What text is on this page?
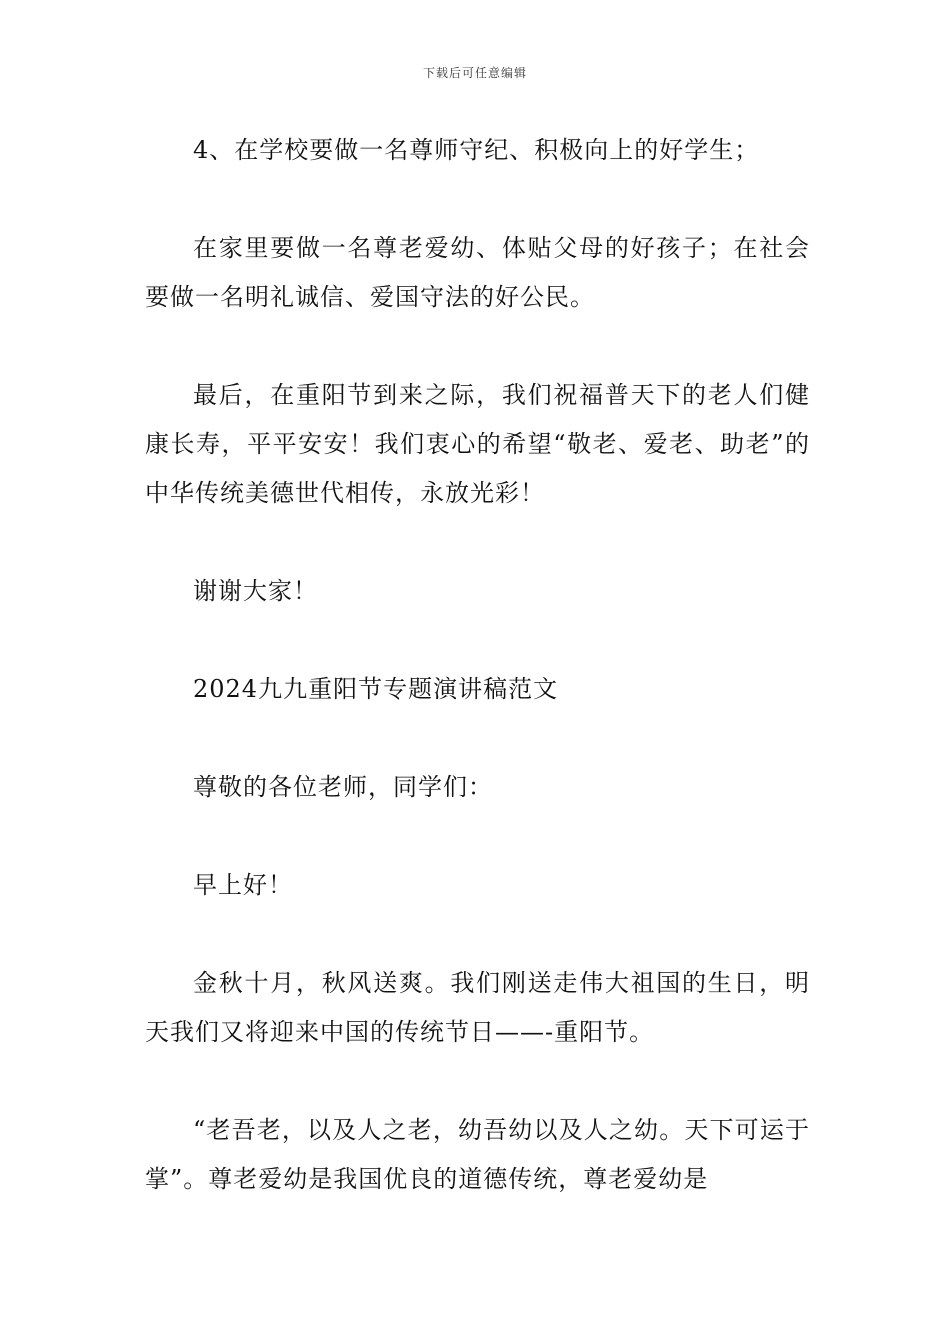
下载后可任意编辑

4、在学校要做一名尊师守纪、积极向上的好学生；

在家里要做一名尊老爱幼、体贴父母的好孩子；在社会要做一名明礼诚信、爱国守法的好公民。

最后，在重阳节到来之际，我们祝福普天下的老人们健康长寿，平平安安！我们衷心的希望“敬老、爱老、助老”的中华传统美德世代相传，永放光彩！

谢谢大家！

2024九九重阳节专题演讲稿范文

尊敬的各位老师，同学们：

早上好！

金秋十月，秋风送爽。我们刚送走伟大祖国的生日，明天我们又将迎来中国的传统节日——-重阳节。

“老吾老，以及人之老，幼吾幼以及人之幼。天下可运于掌”。尊老爱幼是我国优良的道德传统，尊老爱幼是
